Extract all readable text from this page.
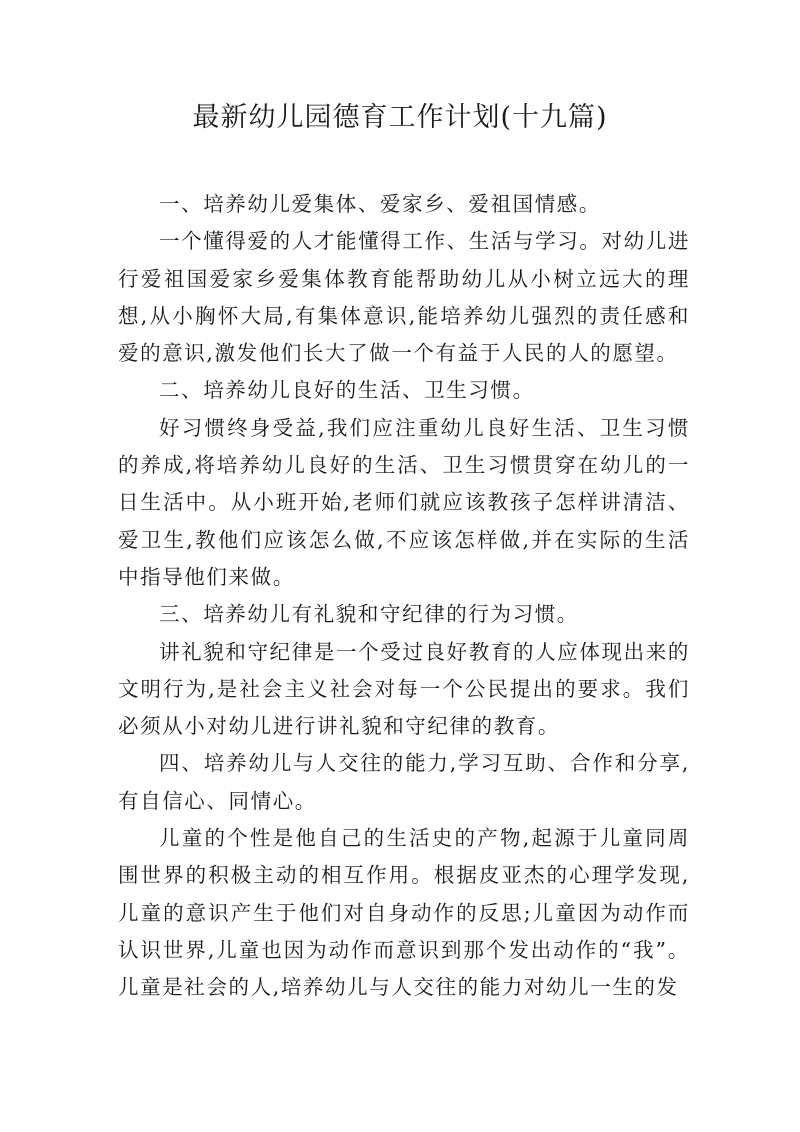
最新幼儿园德育工作计划(十九篇)

一、培养幼儿爱集体、爱家乡、爱祖国情感。

一个懂得爱的人才能懂得工作、生活与学习。对幼儿进行爱祖国爱家乡爱集体教育能帮助幼儿从小树立远大的理想,从小胸怀大局,有集体意识,能培养幼儿强烈的责任感和爱的意识,激发他们长大了做一个有益于人民的人的愿望。

二、培养幼儿良好的生活、卫生习惯。

好习惯终身受益,我们应注重幼儿良好生活、卫生习惯的养成,将培养幼儿良好的生活、卫生习惯贯穿在幼儿的一日生活中。从小班开始,老师们就应该教孩子怎样讲清洁、爱卫生,教他们应该怎么做,不应该怎样做,并在实际的生活中指导他们来做。

三、培养幼儿有礼貌和守纪律的行为习惯。

讲礼貌和守纪律是一个受过良好教育的人应体现出来的文明行为,是社会主义社会对每一个公民提出的要求。我们必须从小对幼儿进行讲礼貌和守纪律的教育。

四、培养幼儿与人交往的能力,学习互助、合作和分享,有自信心、同情心。

儿童的个性是他自己的生活史的产物,起源于儿童同周围世界的积极主动的相互作用。根据皮亚杰的心理学发现,儿童的意识产生于他们对自身动作的反思;儿童因为动作而认识世界,儿童也因为动作而意识到那个发出动作的“我”。儿童是社会的人,培养幼儿与人交往的能力对幼儿一生的发
